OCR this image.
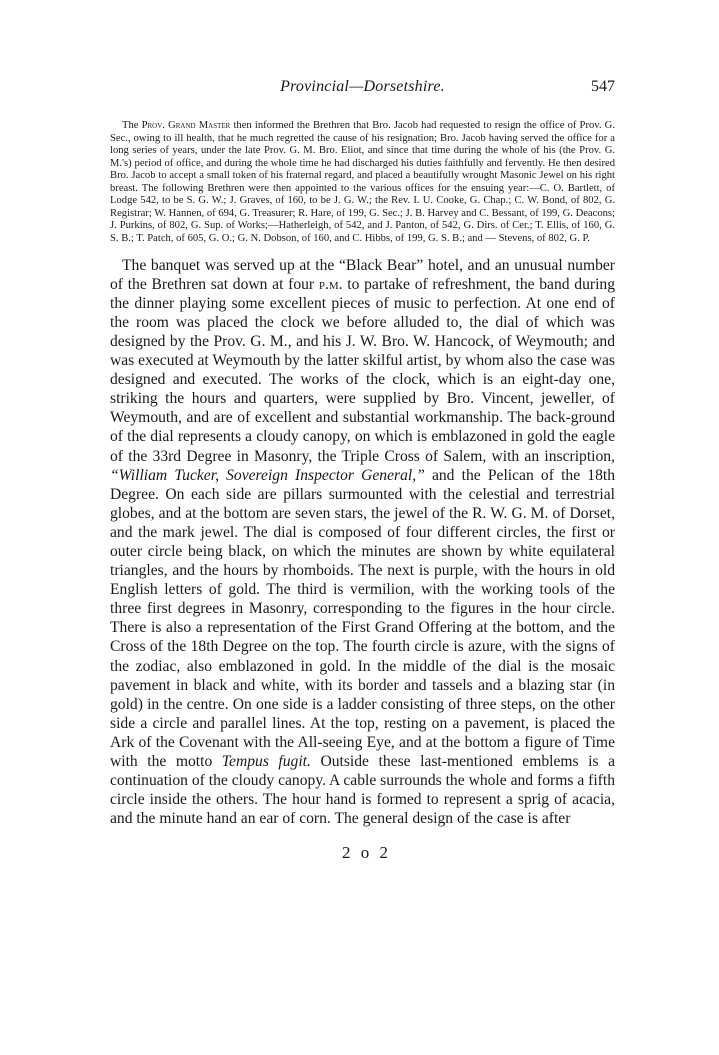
Provincial—Dorsetshire.	547

The Prov. Grand Master then informed the Brethren that Bro. Jacob had requested to resign the office of Prov. G. Sec., owing to ill health, that he much regretted the cause of his resignation; Bro. Jacob having served the office for a long series of years, under the late Prov. G. M. Bro. Eliot, and since that time during the whole of his (the Prov. G. M.'s) period of office, and during the whole time he had discharged his duties faithfully and fervently. He then desired Bro. Jacob to accept a small token of his fraternal regard, and placed a beautifully wrought Masonic Jewel on his right breast. The following Brethren were then appointed to the various offices for the ensuing year:—C. O. Bartlett, of Lodge 542, to be S. G. W.; J. Graves, of 160, to be J. G. W.; the Rev. I. U. Cooke, G. Chap.; C. W. Bond, of 802, G. Registrar; W. Hannen, of 694, G. Treasurer; R. Hare, of 199, G. Sec.; J. B. Harvey and C. Bessant, of 199, G. Deacons; J. Purkins, of 802, G. Sup. of Works;—Hatherleigh, of 542, and J. Panton, of 542, G. Dirs. of Cer.; T. Ellis, of 160, G. S. B.; T. Patch, of 605, G. O.; G. N. Dobson, of 160, and C. Hibbs, of 199, G. S. B.; and — Stevens, of 802, G. P.

The banquet was served up at the “Black Bear” hotel, and an unusual number of the Brethren sat down at four p.m. to partake of refreshment, the band during the dinner playing some excellent pieces of music to perfection. At one end of the room was placed the clock we before alluded to, the dial of which was designed by the Prov. G. M., and his J. W. Bro. W. Hancock, of Weymouth; and was executed at Weymouth by the latter skilful artist, by whom also the case was designed and executed. The works of the clock, which is an eight-day one, striking the hours and quarters, were supplied by Bro. Vincent, jeweller, of Weymouth, and are of excellent and substantial workmanship. The back-ground of the dial represents a cloudy canopy, on which is emblazoned in gold the eagle of the 33rd Degree in Masonry, the Triple Cross of Salem, with an inscription, “William Tucker, Sovereign Inspector General,” and the Pelican of the 18th Degree. On each side are pillars surmounted with the celestial and terrestrial globes, and at the bottom are seven stars, the jewel of the R. W. G. M. of Dorset, and the mark jewel. The dial is composed of four different circles, the first or outer circle being black, on which the minutes are shown by white equilateral triangles, and the hours by rhomboids. The next is purple, with the hours in old English letters of gold. The third is vermilion, with the working tools of the three first degrees in Masonry, corresponding to the figures in the hour circle. There is also a representation of the First Grand Offering at the bottom, and the Cross of the 18th Degree on the top. The fourth circle is azure, with the signs of the zodiac, also emblazoned in gold. In the middle of the dial is the mosaic pavement in black and white, with its border and tassels and a blazing star (in gold) in the centre. On one side is a ladder consisting of three steps, on the other side a circle and parallel lines. At the top, resting on a pavement, is placed the Ark of the Covenant with the All-seeing Eye, and at the bottom a figure of Time with the motto Tempus fugit. Outside these last-mentioned emblems is a continuation of the cloudy canopy. A cable surrounds the whole and forms a fifth circle inside the others. The hour hand is formed to represent a sprig of acacia, and the minute hand an ear of corn. The general design of the case is after

2 o 2
